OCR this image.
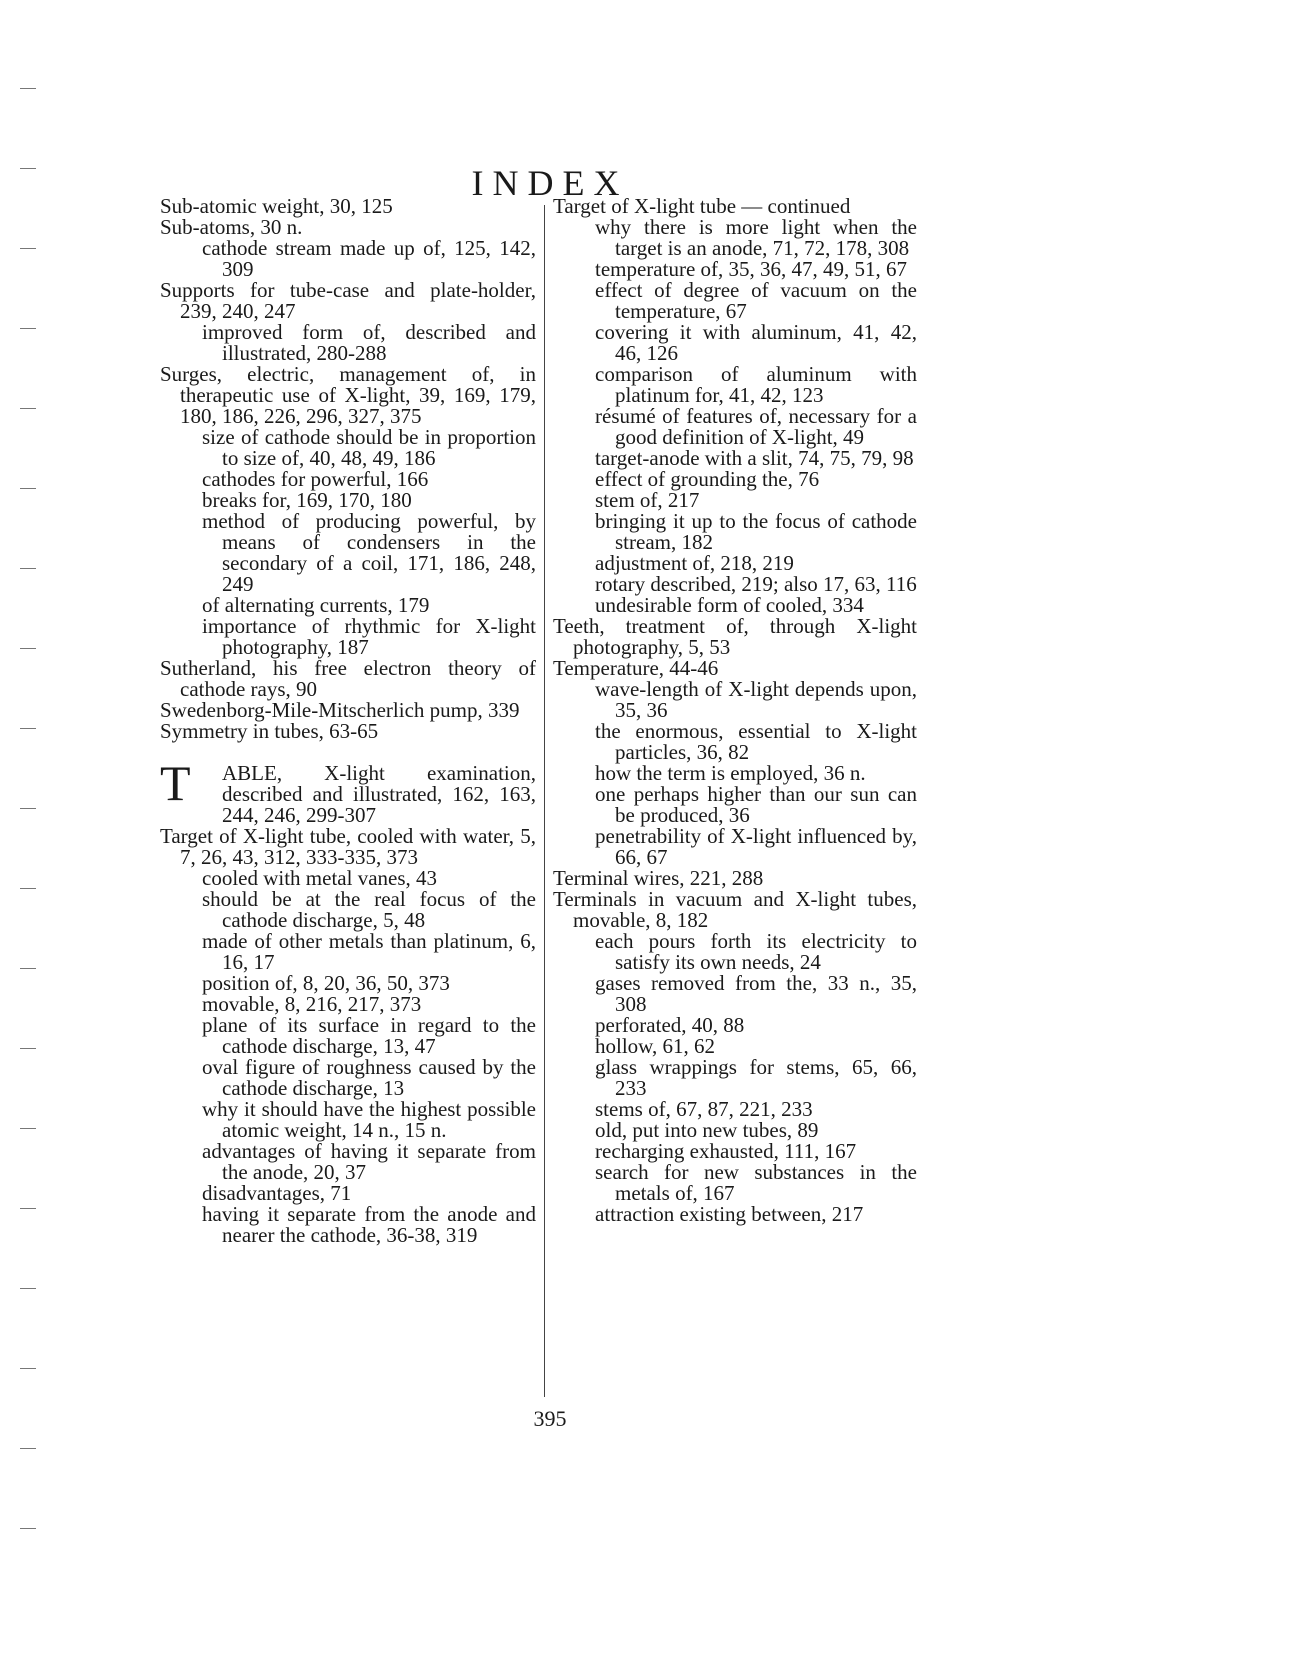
INDEX

Sub-atomic weight, 30, 125

Sub-atoms, 30 n.

cathode stream made up of, 125, 142, 309

Supports for tube-case and plate-holder, 239, 240, 247

improved form of, described and illustrated, 280-288

Surges, electric, management of, in therapeutic use of X-light, 39, 169, 179, 180, 186, 226, 296, 327, 375

size of cathode should be in proportion to size of, 40, 48, 49, 186

cathodes for powerful, 166

breaks for, 169, 170, 180

method of producing powerful, by means of condensers in the secondary of a coil, 171, 186, 248, 249

of alternating currents, 179

importance of rhythmic for X-light photography, 187

Sutherland, his free electron theory of cathode rays, 90

Swedenborg-Mile-Mitscherlich pump, 339

Symmetry in tubes, 63-65

T ABLE, X-light examination, described and illustrated, 162, 163, 244, 246, 299-307

Target of X-light tube, cooled with water, 5, 7, 26, 43, 312, 333-335, 373

cooled with metal vanes, 43

should be at the real focus of the cathode discharge, 5, 48

made of other metals than platinum, 6, 16, 17

position of, 8, 20, 36, 50, 373

movable, 8, 216, 217, 373

plane of its surface in regard to the cathode discharge, 13, 47

oval figure of roughness caused by the cathode discharge, 13

why it should have the highest possible atomic weight, 14 n., 15 n.

advantages of having it separate from the anode, 20, 37

disadvantages, 71

having it separate from the anode and nearer the cathode, 36-38, 319

Target of X-light tube — continued

why there is more light when the target is an anode, 71, 72, 178, 308

temperature of, 35, 36, 47, 49, 51, 67

effect of degree of vacuum on the temperature, 67

covering it with aluminum, 41, 42, 46, 126

comparison of aluminum with platinum for, 41, 42, 123

résumé of features of, necessary for a good definition of X-light, 49

target-anode with a slit, 74, 75, 79, 98

effect of grounding the, 76

stem of, 217

bringing it up to the focus of cathode stream, 182

adjustment of, 218, 219

rotary described, 219; also 17, 63, 116

undesirable form of cooled, 334

Teeth, treatment of, through X-light photography, 5, 53

Temperature, 44-46

wave-length of X-light depends upon, 35, 36

the enormous, essential to X-light particles, 36, 82

how the term is employed, 36 n.

one perhaps higher than our sun can be produced, 36

penetrability of X-light influenced by, 66, 67

Terminal wires, 221, 288

Terminals in vacuum and X-light tubes, movable, 8, 182

each pours forth its electricity to satisfy its own needs, 24

gases removed from the, 33 n., 35, 308

perforated, 40, 88

hollow, 61, 62

glass wrappings for stems, 65, 66, 233

stems of, 67, 87, 221, 233

old, put into new tubes, 89

recharging exhausted, 111, 167

search for new substances in the metals of, 167

attraction existing between, 217

395
